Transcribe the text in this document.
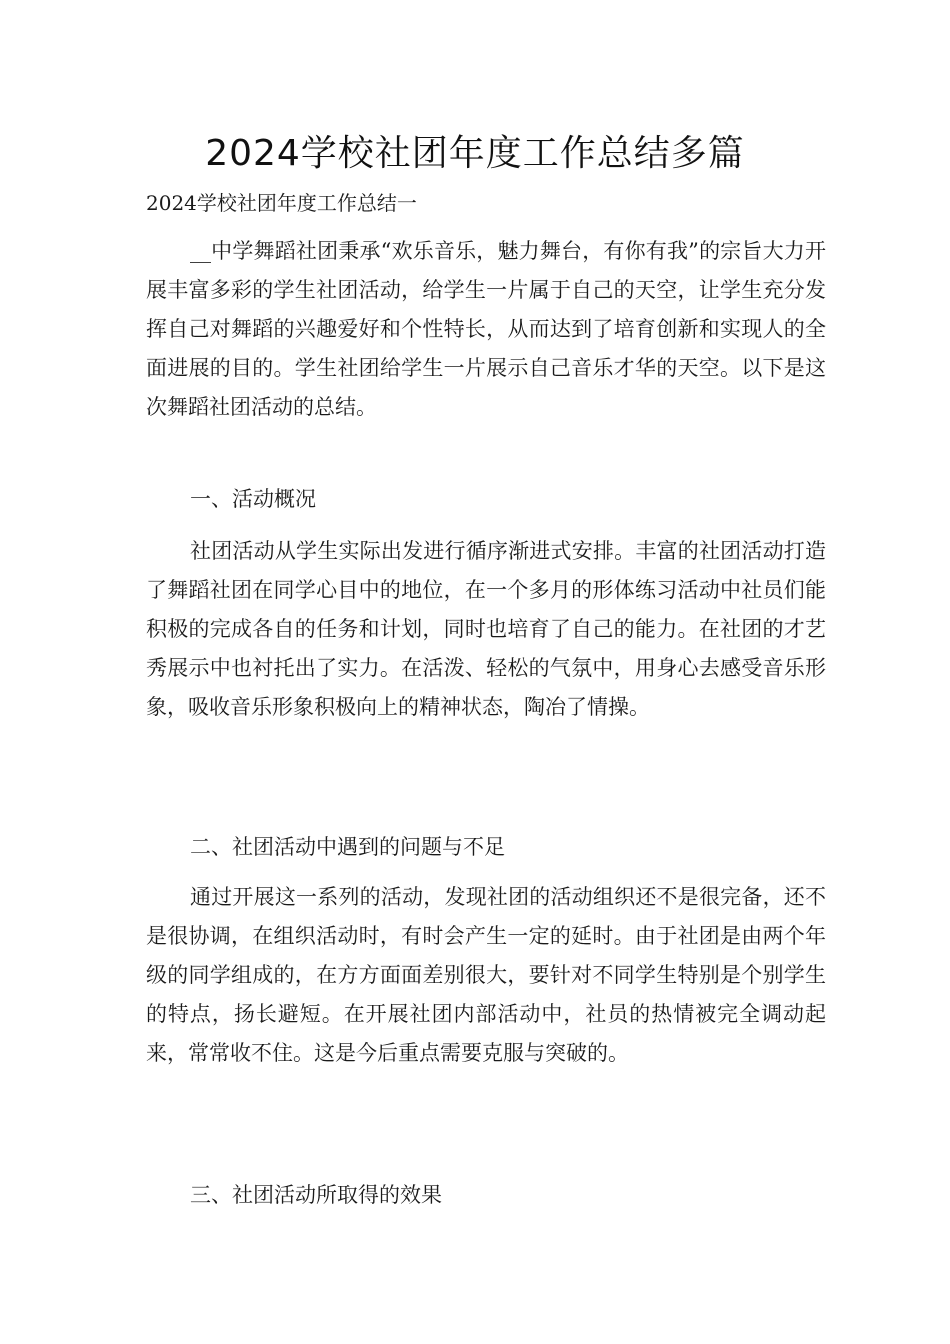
2024学校社团年度工作总结多篇

2024学校社团年度工作总结一

__中学舞蹈社团秉承“欢乐音乐，魅力舞台，有你有我”的宗旨大力开展丰富多彩的学生社团活动，给学生一片属于自己的天空，让学生充分发挥自己对舞蹈的兴趣爱好和个性特长，从而达到了培育创新和实现人的全面进展的目的。学生社团给学生一片展示自己音乐才华的天空。以下是这次舞蹈社团活动的总结。

一、活动概况

社团活动从学生实际出发进行循序渐进式安排。丰富的社团活动打造了舞蹈社团在同学心目中的地位，在一个多月的形体练习活动中社员们能积极的完成各自的任务和计划，同时也培育了自己的能力。在社团的才艺秀展示中也衬托出了实力。在活泼、轻松的气氛中，用身心去感受音乐形象，吸收音乐形象积极向上的精神状态，陶冶了情操。

二、社团活动中遇到的问题与不足

通过开展这一系列的活动，发现社团的活动组织还不是很完备，还不是很协调，在组织活动时，有时会产生一定的延时。由于社团是由两个年级的同学组成的，在方方面面差别很大，要针对不同学生特别是个别学生的特点，扬长避短。在开展社团内部活动中，社员的热情被完全调动起来，常常收不住。这是今后重点需要克服与突破的。

三、社团活动所取得的效果
